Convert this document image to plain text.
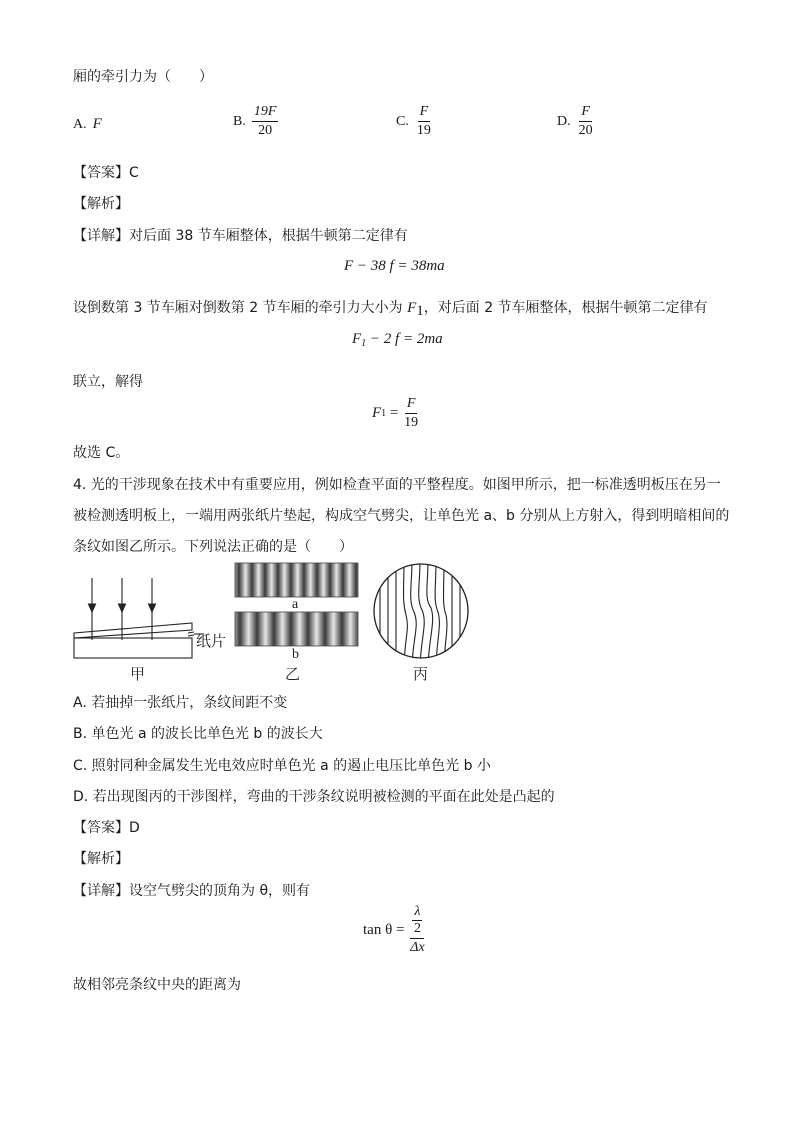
厢的牵引力为（　　）
A. F	B. $\frac{19F}{20}$	C. $\frac{F}{19}$	D. $\frac{F}{20}$
【答案】C
【解析】
【详解】对后面 38 节车厢整体，根据牛顿第二定律有
F − 38 f = 38ma
设倒数第 3 节车厢对倒数第 2 节车厢的牵引力大小为 $F_1$，对后面 2 节车厢整体，根据牛顿第二定律有
$F_1 - 2$ f = 2ma
联立，解得
F $1 = \frac{F}{19}$
故选 C。
4. 光的干涉现象在技术中有重要应用，例如检查平面的平整程度。如图甲所示，把一标准透明板压在另一
被检测透明板上，一端用两张纸片垫起，构成空气劈尖，让单色光 a、b 分别从上方射入，得到明暗相间的
条纹如图乙所示。下列说法正确的是（　　）
纸片
甲
a
b
乙	丙
A. 若抽掉一张纸片，条纹间距不变
B. 单色光 a 的波长比单色光 b 的波长大
C. 照射同种金属发生光电效应时单色光 a 的遏止电压比单色光 b 小
D. 若出现图丙的干涉图样，弯曲的干涉条纹说明被检测的平面在此处是凸起的
【答案】D
【解析】
【详解】设空气劈尖的顶角为 θ，则有
tan θ = λ
2
Δx
故相邻亮条纹中央的距离为
